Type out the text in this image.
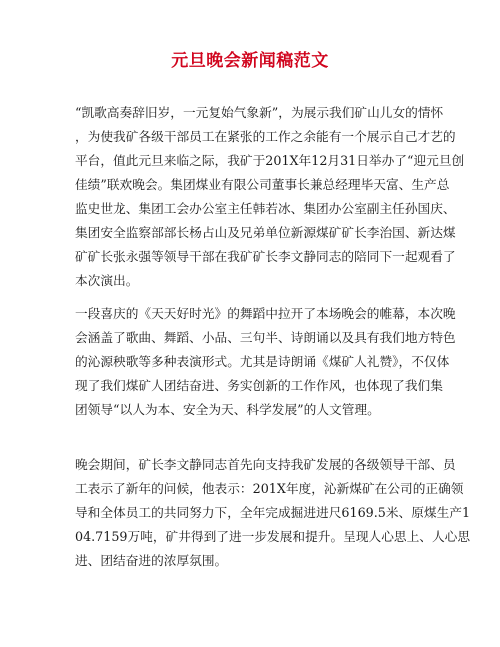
元旦晚会新闻稿范文
“凯歌高奏辞旧岁，一元复始气象新”，为展示我们矿山儿女的情怀
，为使我矿各级干部员工在紧张的工作之余能有一个展示自己才艺的
平台，值此元旦来临之际，我矿于201X年12月31日举办了“迎元旦创
佳绩”联欢晚会。集团煤业有限公司董事长兼总经理毕天富、生产总
监史世龙、集团工会办公室主任韩若冰、集团办公室副主任孙国庆、
集团安全监察部部长杨占山及兄弟单位新源煤矿矿长李治国、新达煤
矿矿长张永强等领导干部在我矿矿长李文静同志的陪同下一起观看了
本次演出。
一段喜庆的《天天好时光》的舞蹈中拉开了本场晚会的帷幕，本次晚
会涵盖了歌曲、舞蹈、小品、三句半、诗朗诵以及具有我们地方特色
的沁源秧歌等多种表演形式。尤其是诗朗诵《煤矿人礼赞》，不仅体
现了我们煤矿人团结奋进、务实创新的工作作风，也体现了我们集
团领导“以人为本、安全为天、科学发展”的人文管理。
晚会期间，矿长李文静同志首先向支持我矿发展的各级领导干部、员
工表示了新年的问候，他表示：201X年度，沁新煤矿在公司的正确领
导和全体员工的共同努力下，全年完成掘进进尺6169.5米、原煤生产1
04.7159万吨，矿井得到了进一步发展和提升。呈现人心思上、人心思
进、团结奋进的浓厚氛围。
